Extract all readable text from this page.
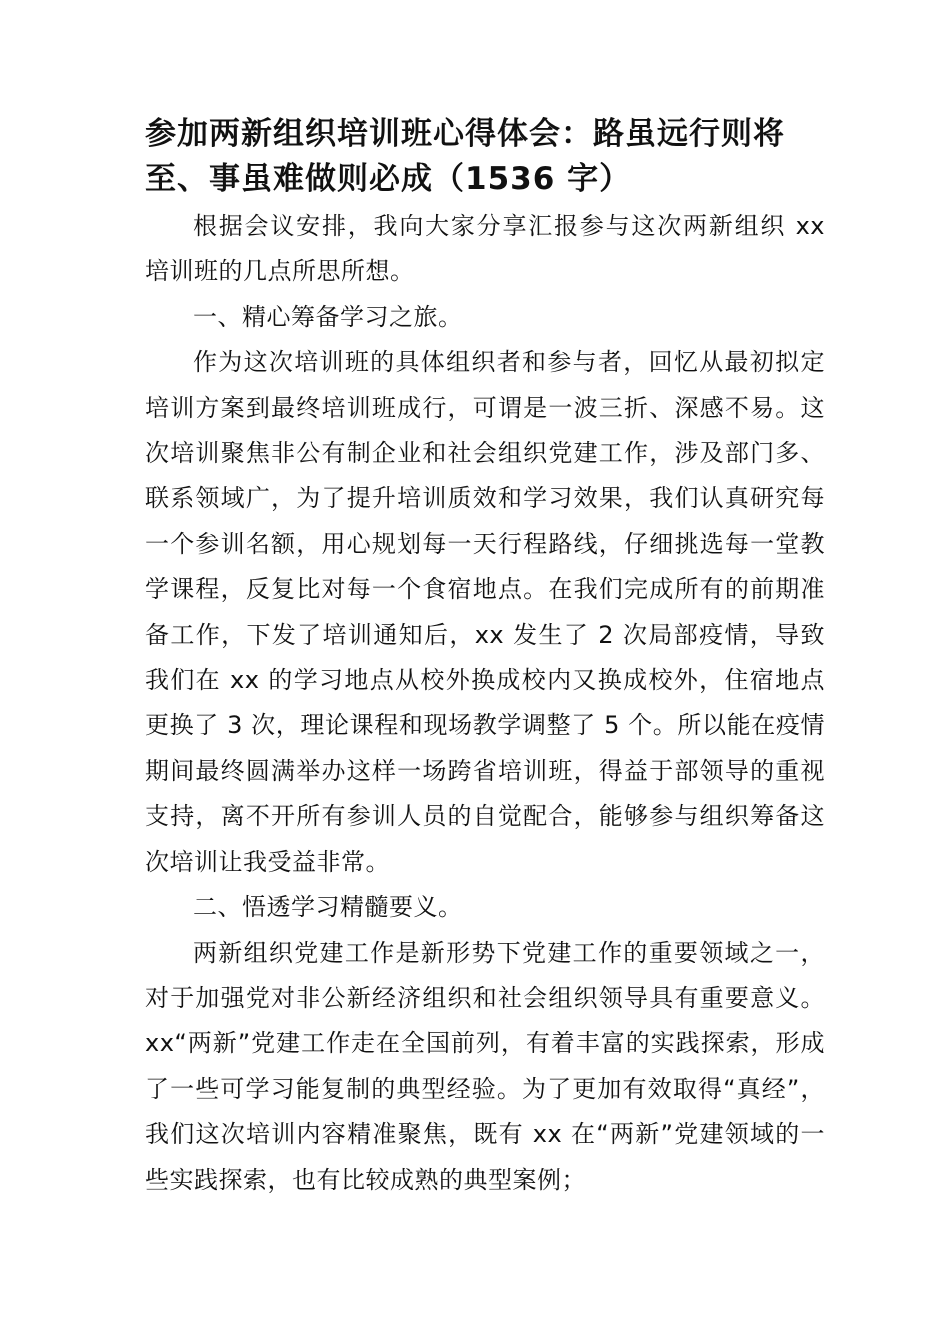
参加两新组织培训班心得体会：路虽远行则将至、事虽难做则必成（1536 字）

根据会议安排，我向大家分享汇报参与这次两新组织 xx 培训班的几点所思所想。

一、精心筹备学习之旅。

作为这次培训班的具体组织者和参与者，回忆从最初拟定培训方案到最终培训班成行，可谓是一波三折、深感不易。这次培训聚焦非公有制企业和社会组织党建工作，涉及部门多、联系领域广，为了提升培训质效和学习效果，我们认真研究每一个参训名额，用心规划每一天行程路线，仔细挑选每一堂教学课程，反复比对每一个食宿地点。在我们完成所有的前期准备工作，下发了培训通知后，xx 发生了 2 次局部疫情，导致我们在 xx 的学习地点从校外换成校内又换成校外，住宿地点更换了 3 次，理论课程和现场教学调整了 5 个。所以能在疫情期间最终圆满举办这样一场跨省培训班，得益于部领导的重视支持，离不开所有参训人员的自觉配合，能够参与组织筹备这次培训让我受益非常。

二、悟透学习精髓要义。

两新组织党建工作是新形势下党建工作的重要领域之一，对于加强党对非公新经济组织和社会组织领导具有重要意义。xx“两新”党建工作走在全国前列，有着丰富的实践探索，形成了一些可学习能复制的典型经验。为了更加有效取得“真经”，我们这次培训内容精准聚焦，既有 xx 在“两新”党建领域的一些实践探索，也有比较成熟的典型案例；
